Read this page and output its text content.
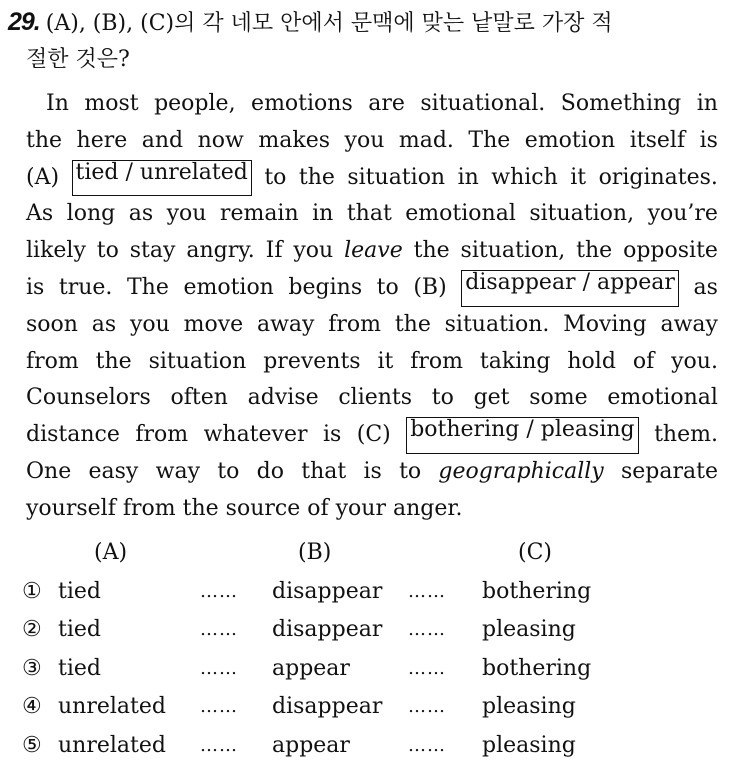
29. (A), (B), (C)의 각 네모 안에서 문맥에 맞는 낱말로 가장 적
절한 것은?
In most people, emotions are situational. Something in
the here and now makes you mad. The emotion itself is
(A) tied / unrelated to the situation in which it originates.
As long as you remain in that emotional situation, you’re
likely to stay angry. If you leave the situation, the opposite
is true. The emotion begins to (B) disappear / appear as
soon as you move away from the situation. Moving away
from the situation prevents it from taking hold of you.
Counselors often advise clients to get some emotional
distance from whatever is (C) bothering / pleasing them.
One easy way to do that is to geographically separate
yourself from the source of your anger.
(A)	(B)	(C)
① tied	…… disappear …… bothering
② tied	…… disappear …… pleasing
③ tied	…… appear	…… bothering
④ unrelated …… disappear …… pleasing
⑤ unrelated …… appear	…… pleasing
